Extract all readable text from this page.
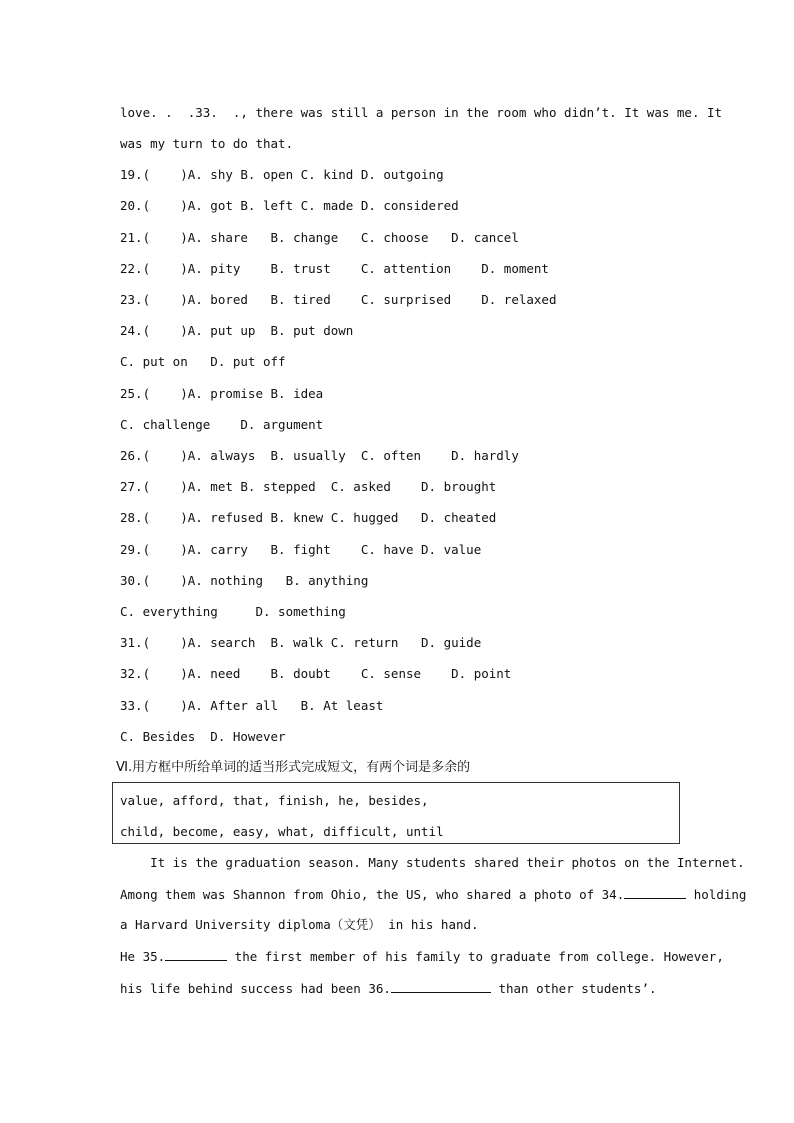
love. .  .33.  ., there was still a person in the room who didn’t. It was me. It
was my turn to do that.
19.(    )A. shy B. open C. kind D. outgoing
20.(    )A. got B. left C. made D. considered
21.(    )A. share   B. change   C. choose   D. cancel
22.(    )A. pity    B. trust    C. attention    D. moment
23.(    )A. bored   B. tired    C. surprised    D. relaxed
24.(    )A. put up  B. put down
C. put on   D. put off
25.(    )A. promise B. idea
C. challenge    D. argument
26.(    )A. always  B. usually  C. often    D. hardly
27.(    )A. met B. stepped  C. asked    D. brought
28.(    )A. refused B. knew C. hugged   D. cheated
29.(    )A. carry   B. fight    C. have D. value
30.(    )A. nothing   B. anything
C. everything     D. something
31.(    )A. search  B. walk C. return   D. guide
32.(    )A. need    B. doubt    C. sense    D. point
33.(    )A. After all   B. At least
C. Besides  D. However
Ⅵ.用方框中所给单词的适当形式完成短文，有两个词是多余的
value, afford, that, finish, he, besides,
child, become, easy, what, difficult, until
It is the graduation season. Many students shared their photos on the Internet.
Among them was Shannon from Ohio, the US, who shared a photo of 34.	holding
a Harvard University diploma（文凭） in his hand.
He 35.	the first member of his family to graduate from college. However,
his life behind success had been 36.	than other students’.
